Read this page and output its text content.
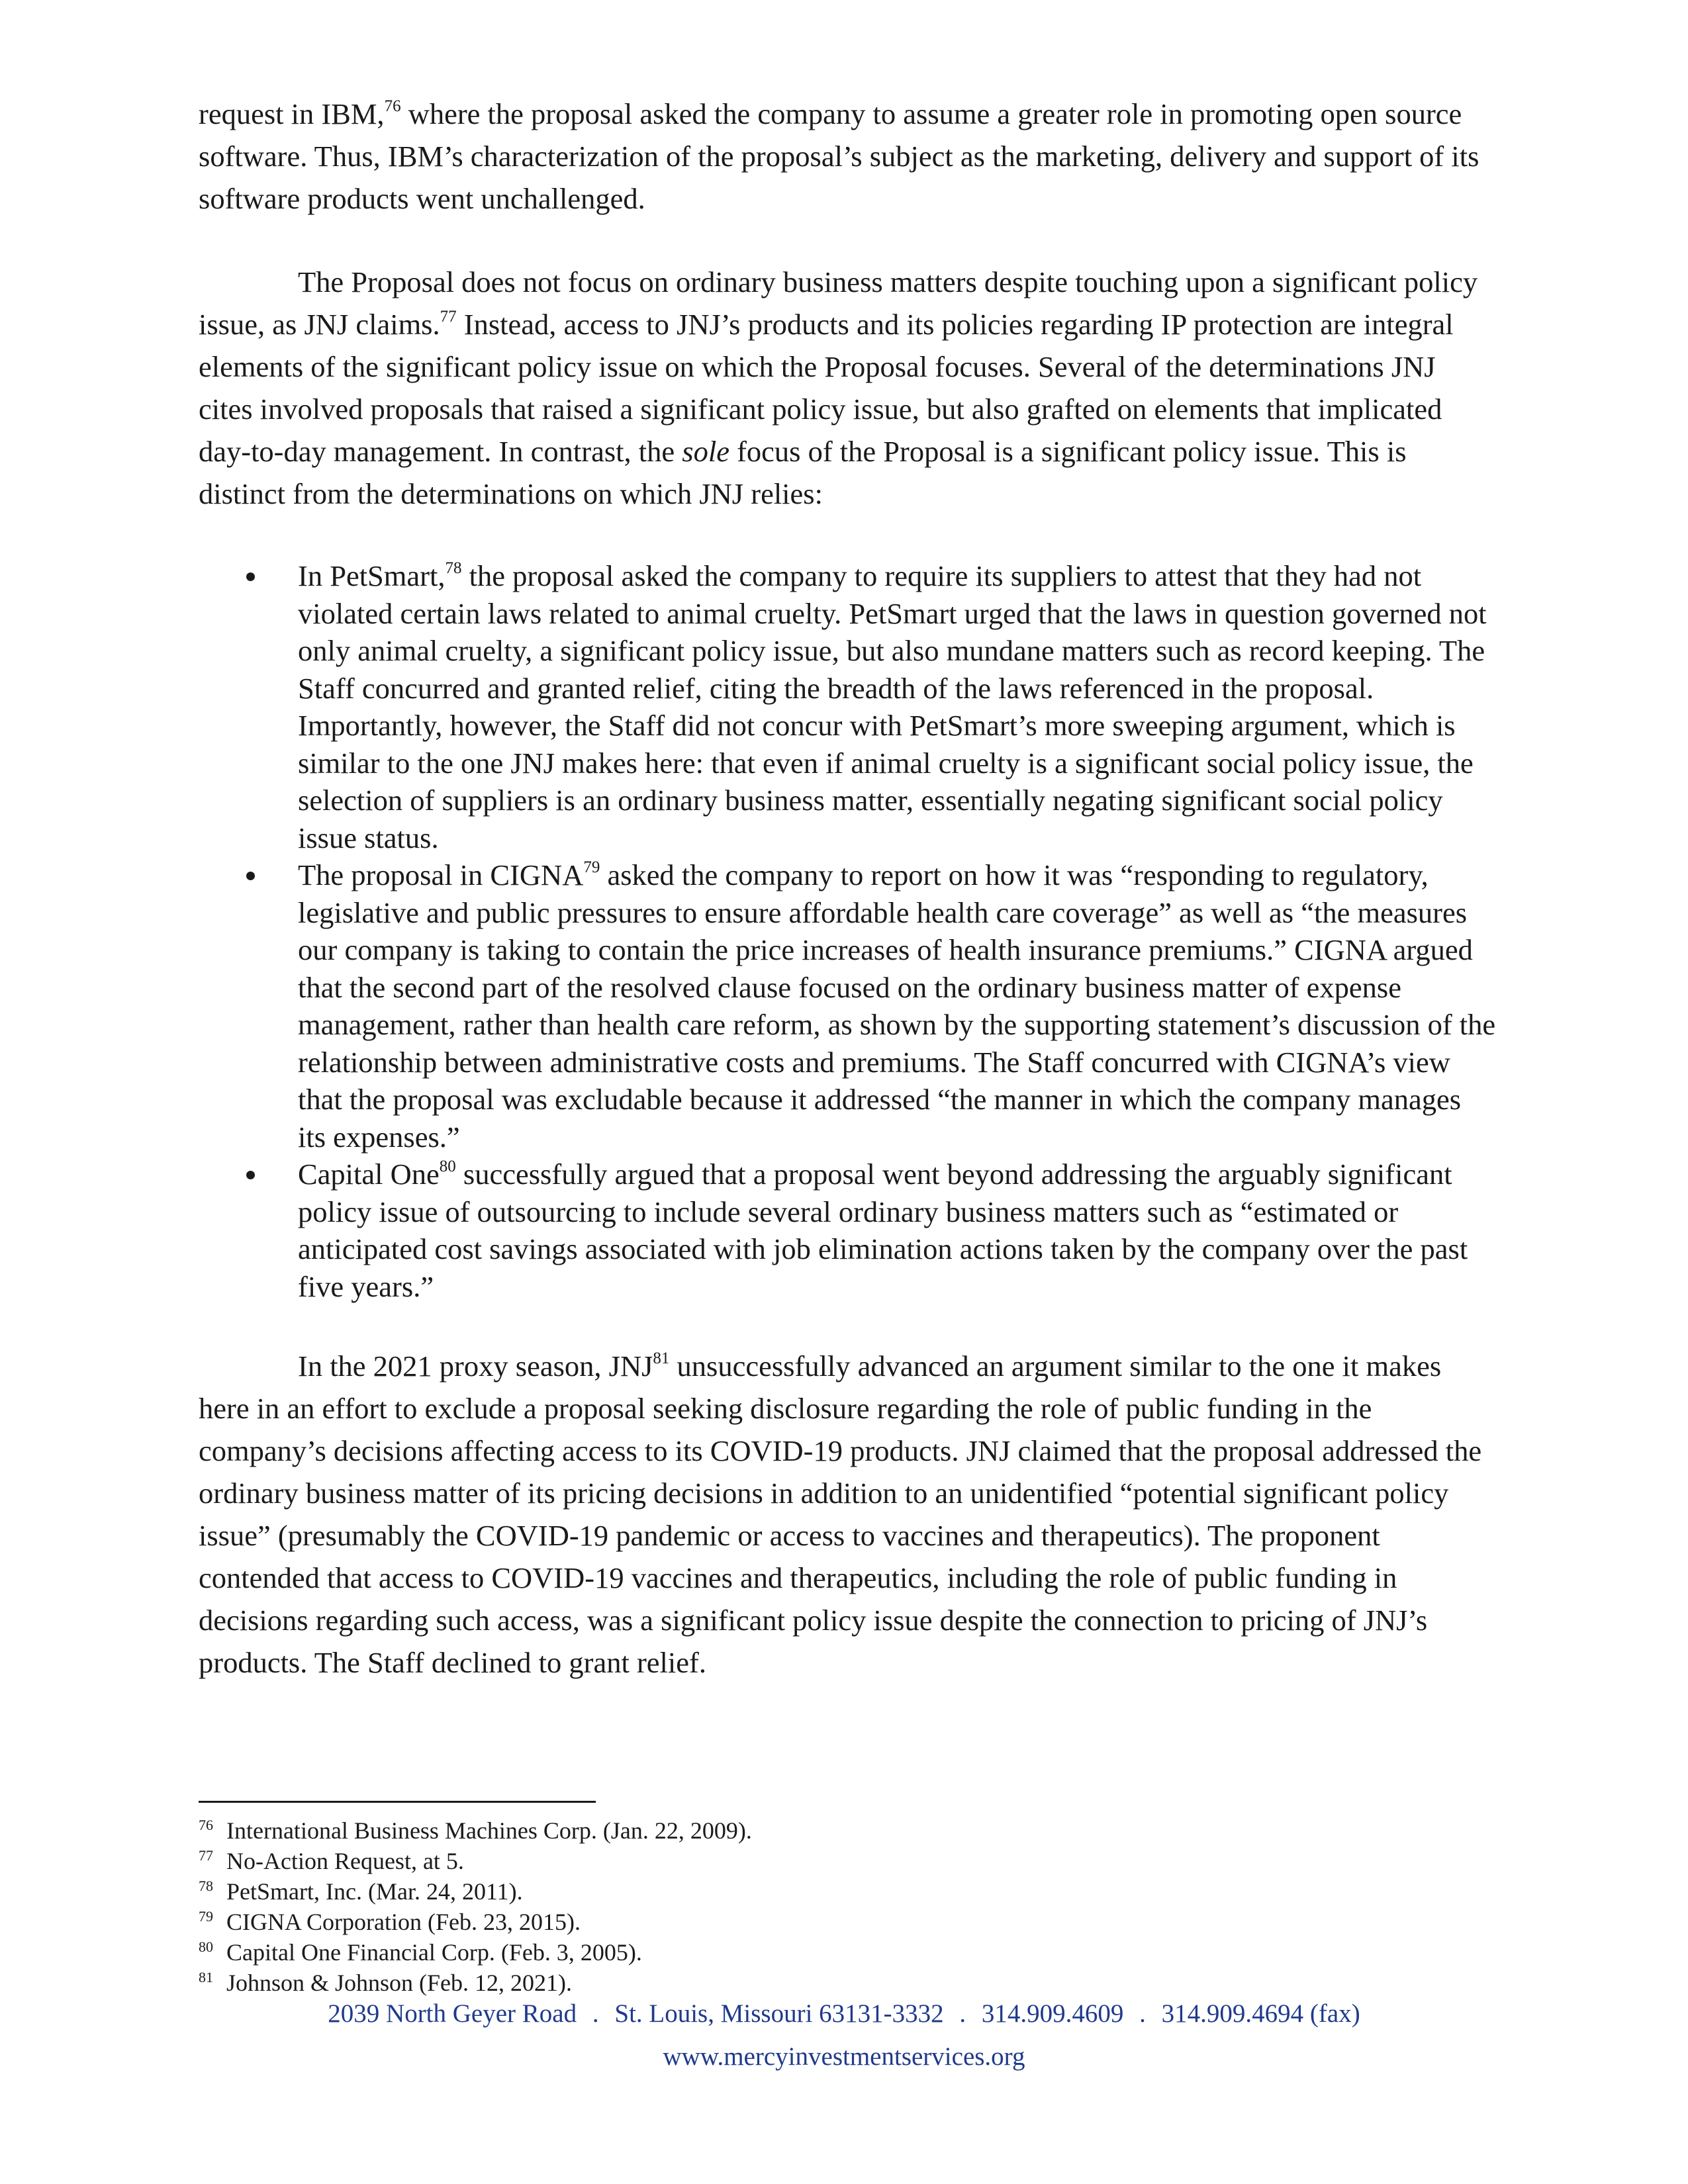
request in IBM,$^{76}$ where the proposal asked the company to assume a greater role in promoting open source software. Thus, IBM’s characterization of the proposal’s subject as the marketing, delivery and support of its software products went unchallenged.

The Proposal does not focus on ordinary business matters despite touching upon a significant policy issue, as JNJ claims.$^{77}$ Instead, access to JNJ’s products and its policies regarding IP protection are integral elements of the significant policy issue on which the Proposal focuses. Several of the determinations JNJ cites involved proposals that raised a significant policy issue, but also grafted on elements that implicated day-to-day management. In contrast, the sole focus of the Proposal is a significant policy issue. This is distinct from the determinations on which JNJ relies:

In PetSmart,$^{78}$ the proposal asked the company to require its suppliers to attest that they had not violated certain laws related to animal cruelty. PetSmart urged that the laws in question governed not only animal cruelty, a significant policy issue, but also mundane matters such as record keeping. The Staff concurred and granted relief, citing the breadth of the laws referenced in the proposal. Importantly, however, the Staff did not concur with PetSmart’s more sweeping argument, which is similar to the one JNJ makes here: that even if animal cruelty is a significant social policy issue, the selection of suppliers is an ordinary business matter, essentially negating significant social policy issue status.
The proposal in CIGNA$^{79}$ asked the company to report on how it was “responding to regulatory, legislative and public pressures to ensure affordable health care coverage” as well as “the measures our company is taking to contain the price increases of health insurance premiums.” CIGNA argued that the second part of the resolved clause focused on the ordinary business matter of expense management, rather than health care reform, as shown by the supporting statement’s discussion of the relationship between administrative costs and premiums. The Staff concurred with CIGNA’s view that the proposal was excludable because it addressed “the manner in which the company manages its expenses.”
Capital One$^{80}$ successfully argued that a proposal went beyond addressing the arguably significant policy issue of outsourcing to include several ordinary business matters such as “estimated or anticipated cost savings associated with job elimination actions taken by the company over the past five years.”

In the 2021 proxy season, JNJ$^{81}$ unsuccessfully advanced an argument similar to the one it makes here in an effort to exclude a proposal seeking disclosure regarding the role of public funding in the company’s decisions affecting access to its COVID-19 products. JNJ claimed that the proposal addressed the ordinary business matter of its pricing decisions in addition to an unidentified “potential significant policy issue” (presumably the COVID-19 pandemic or access to vaccines and therapeutics). The proponent contended that access to COVID-19 vaccines and therapeutics, including the role of public funding in decisions regarding such access, was a significant policy issue despite the connection to pricing of JNJ’s products. The Staff declined to grant relief.

$^{76}$ International Business Machines Corp. (Jan. 22, 2009).

$^{77}$ No-Action Request, at 5.

$^{78}$ PetSmart, Inc. (Mar. 24, 2011).

$^{79}$ CIGNA Corporation (Feb. 23, 2015).

$^{80}$ Capital One Financial Corp. (Feb. 3, 2005).

$^{81}$ Johnson & Johnson (Feb. 12, 2021).

2039 North Geyer Road . St. Louis, Missouri 63131-3332 . 314.909.4609 . 314.909.4694 (fax)
www.mercyinvestmentservices.org
